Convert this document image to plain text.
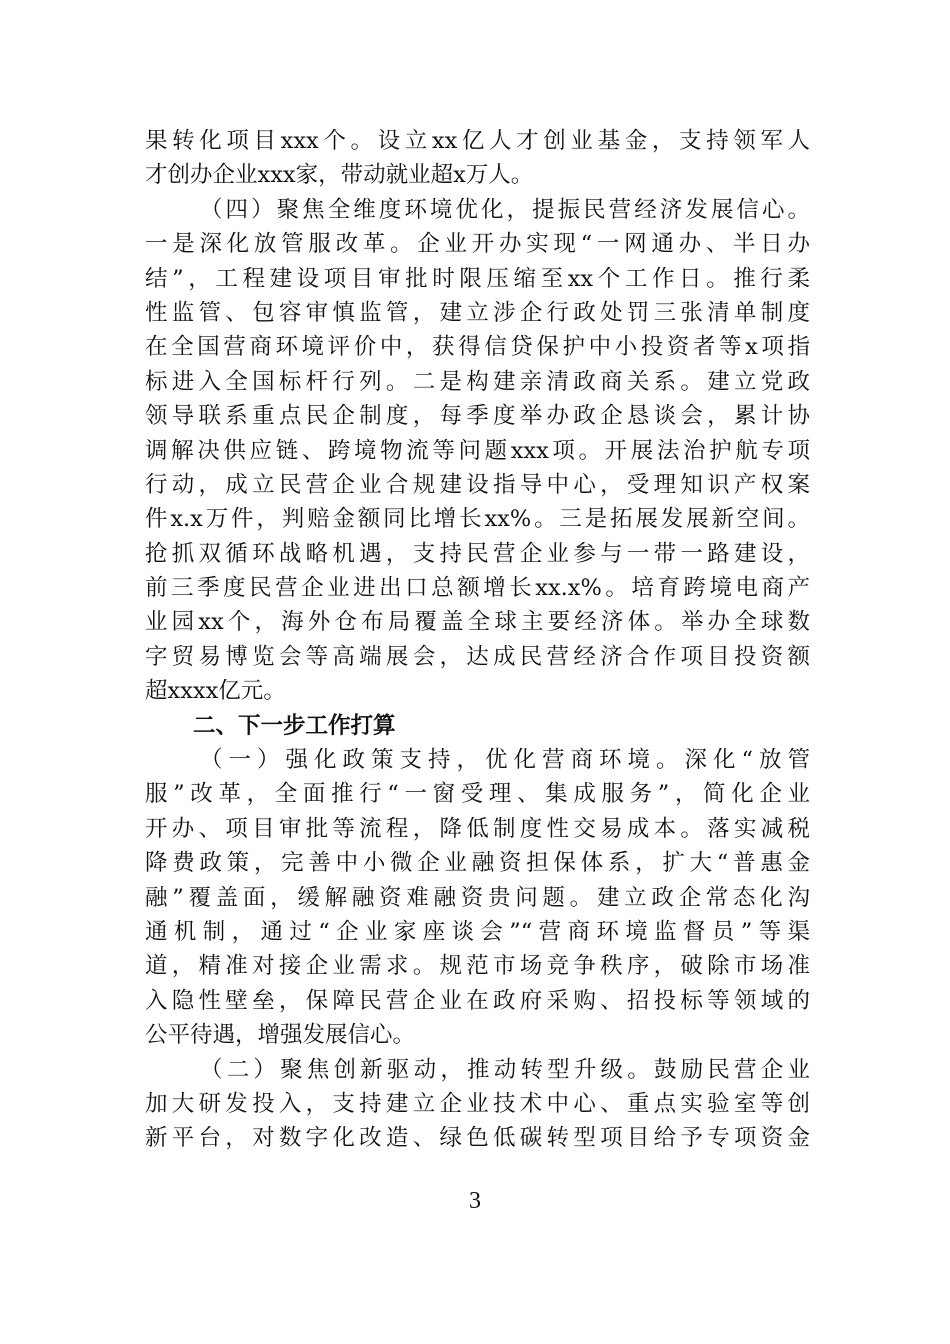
果转化项目xxx个。设立xx亿人才创业基金，支持领军人
才创办企业xxx家，带动就业超x万人。
（四）聚焦全维度环境优化，提振民营经济发展信心。
一是深化放管服改革。企业开办实现“一网通办、半日办
结”，工程建设项目审批时限压缩至xx个工作日。推行柔
性监管、包容审慎监管，建立涉企行政处罚三张清单制度
在全国营商环境评价中，获得信贷保护中小投资者等x项指
标进入全国标杆行列。二是构建亲清政商关系。建立党政
领导联系重点民企制度，每季度举办政企恳谈会，累计协
调解决供应链、跨境物流等问题xxx项。开展法治护航专项
行动，成立民营企业合规建设指导中心，受理知识产权案
件x.x万件，判赔金额同比增长xx%。三是拓展发展新空间。
抢抓双循环战略机遇，支持民营企业参与一带一路建设，
前三季度民营企业进出口总额增长xx.x%。培育跨境电商产
业园xx个，海外仓布局覆盖全球主要经济体。举办全球数
字贸易博览会等高端展会，达成民营经济合作项目投资额
超xxxx亿元。
二、下一步工作打算
（一）强化政策支持，优化营商环境。深化“放管
服”改革，全面推行“一窗受理、集成服务”，简化企业
开办、项目审批等流程，降低制度性交易成本。落实减税
降费政策，完善中小微企业融资担保体系，扩大“普惠金
融”覆盖面，缓解融资难融资贵问题。建立政企常态化沟
通机制，通过“企业家座谈会”“营商环境监督员”等渠
道，精准对接企业需求。规范市场竞争秩序，破除市场准
入隐性壁垒，保障民营企业在政府采购、招投标等领域的
公平待遇，增强发展信心。
（二）聚焦创新驱动，推动转型升级。鼓励民营企业
加大研发投入，支持建立企业技术中心、重点实验室等创
新平台，对数字化改造、绿色低碳转型项目给予专项资金
3
